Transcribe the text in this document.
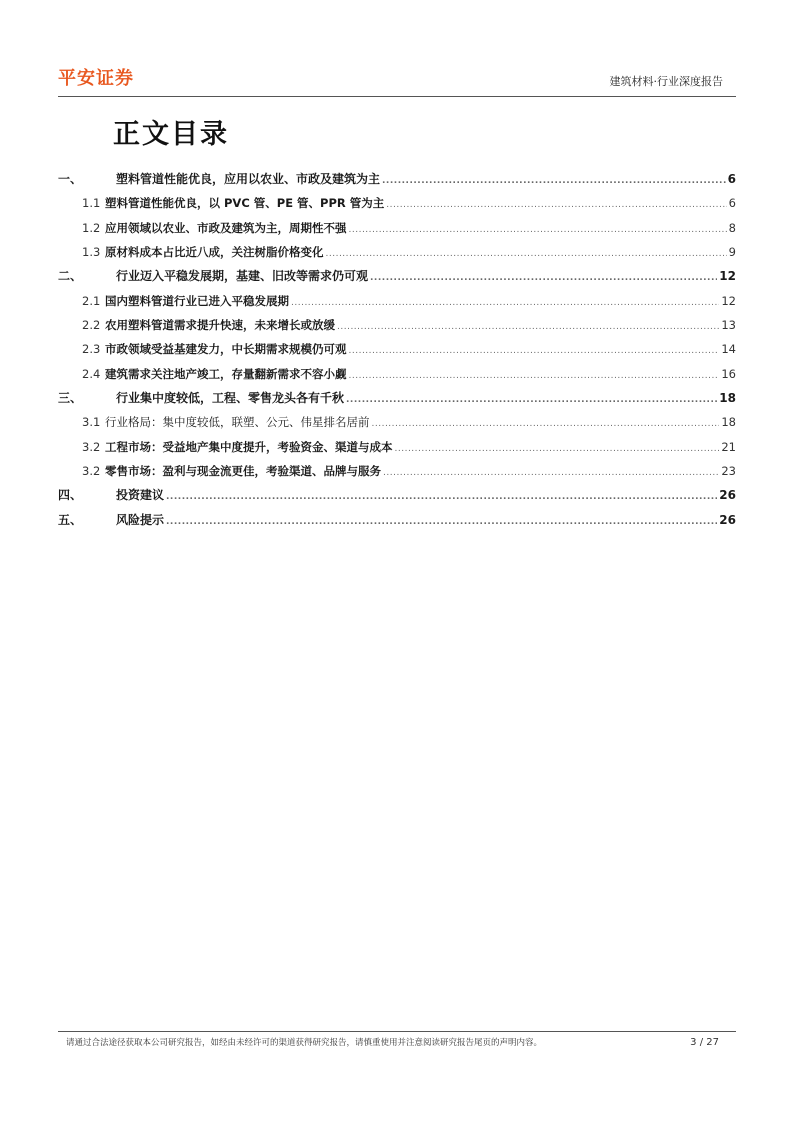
平安证券	建筑材料·行业深度报告
正文目录
一、	塑料管道性能优良，应用以农业、市政及建筑为主 .....	6
1.1 塑料管道性能优良，以 PVC 管、PE 管、PPR 管为主 .....	6
1.2 应用领域以农业、市政及建筑为主，周期性不强 .....	8
1.3 原材料成本占比近八成，关注树脂价格变化 .....	9
二、	行业迈入平稳发展期，基建、旧改等需求仍可观 .....	12
2.1 国内塑料管道行业已进入平稳发展期 .....	12
2.2 农用塑料管道需求提升快速，未来增长或放缓 .....	13
2.3 市政领域受益基建发力，中长期需求规模仍可观 .....	14
2.4 建筑需求关注地产竣工，存量翻新需求不容小觑 .....	16
三、	行业集中度较低，工程、零售龙头各有千秋 .....	18
3.1 行业格局：集中度较低，联塑、公元、伟星排名居前 .....	18
3.2 工程市场：受益地产集中度提升，考验资金、渠道与成本 .....	21
3.2 零售市场：盈利与现金流更佳，考验渠道、品牌与服务 .....	23
四、	投资建议 .....	26
五、	风险提示 .....	26
请通过合法途径获取本公司研究报告，如经由未经许可的渠道获得研究报告，请慎重使用并注意阅读研究报告尾页的声明内容。	3 / 27
